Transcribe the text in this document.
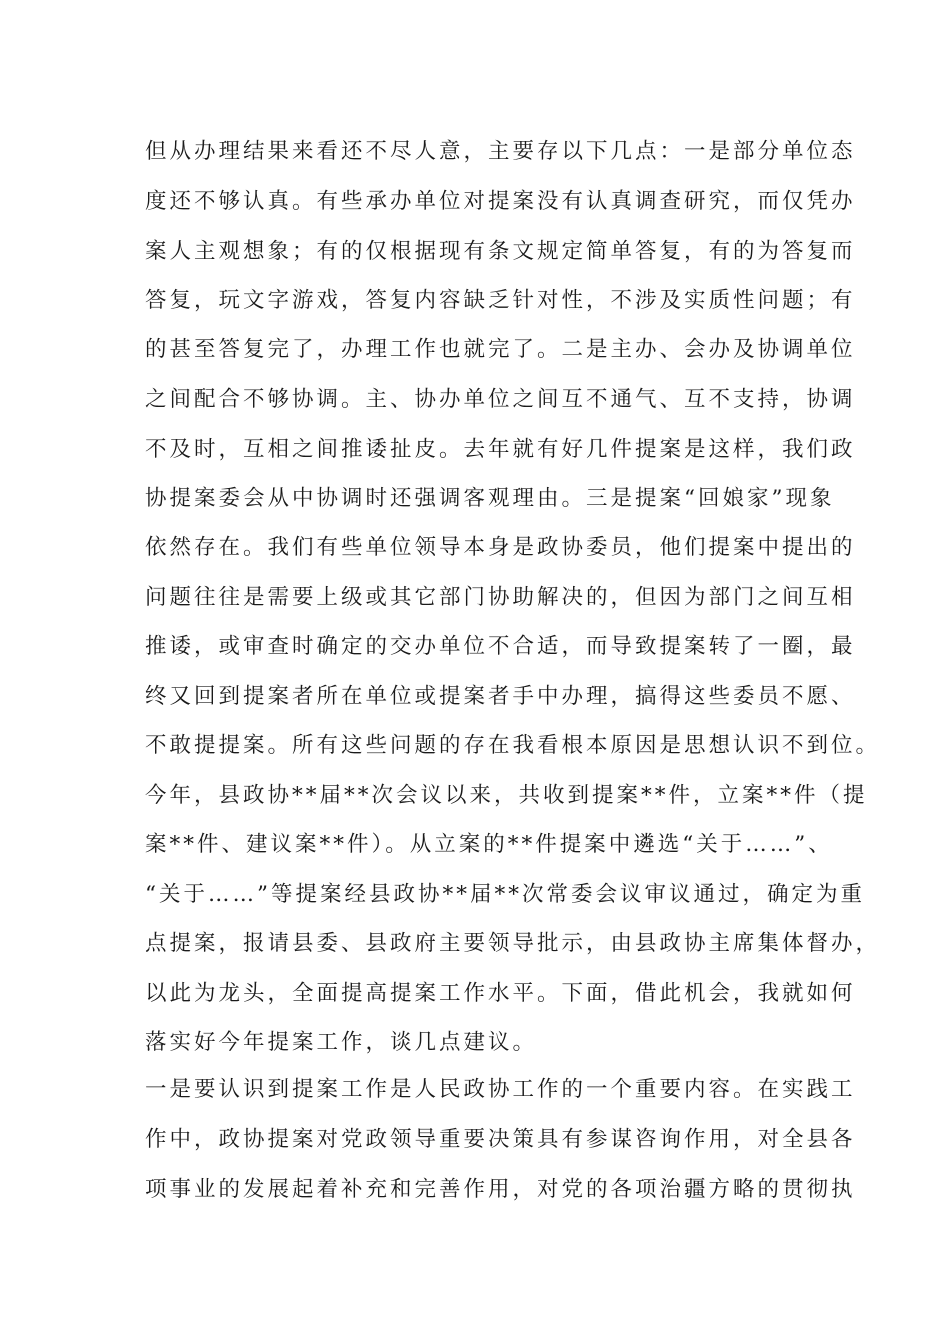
但从办理结果来看还不尽人意，主要存以下几点：一是部分单位态
度还不够认真。有些承办单位对提案没有认真调查研究，而仅凭办
案人主观想象；有的仅根据现有条文规定简单答复，有的为答复而
答复，玩文字游戏，答复内容缺乏针对性，不涉及实质性问题；有
的甚至答复完了，办理工作也就完了。二是主办、会办及协调单位
之间配合不够协调。主、协办单位之间互不通气、互不支持，协调
不及时，互相之间推诿扯皮。去年就有好几件提案是这样，我们政
协提案委会从中协调时还强调客观理由。三是提案“回娘家”现象
依然存在。我们有些单位领导本身是政协委员，他们提案中提出的
问题往往是需要上级或其它部门协助解决的，但因为部门之间互相
推诿，或审查时确定的交办单位不合适，而导致提案转了一圈，最
终又回到提案者所在单位或提案者手中办理，搞得这些委员不愿、
不敢提提案。所有这些问题的存在我看根本原因是思想认识不到位。
今年，县政协**届**次会议以来，共收到提案**件，立案**件（提
案**件、建议案**件）。从立案的**件提案中遴选“关于……”、
“关于……”等提案经县政协**届**次常委会议审议通过，确定为重
点提案，报请县委、县政府主要领导批示，由县政协主席集体督办，
以此为龙头，全面提高提案工作水平。下面，借此机会，我就如何
落实好今年提案工作，谈几点建议。
一是要认识到提案工作是人民政协工作的一个重要内容。在实践工
作中，政协提案对党政领导重要决策具有参谋咨询作用，对全县各
项事业的发展起着补充和完善作用，对党的各项治疆方略的贯彻执
